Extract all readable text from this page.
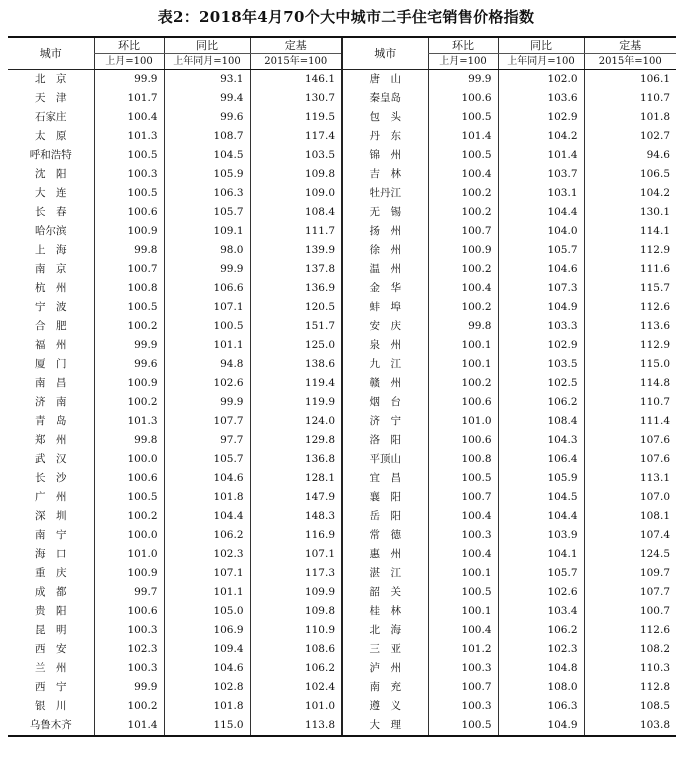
表2：2018年4月70个大中城市二手住宅销售价格指数
城市	环比	同比	定基	城市	环比	同比	定基
	上月=100	上年同月=100	2015年=100		上月=100	上年同月=100	2015年=100
北　京	99.9	93.1	146.1	唐　山	99.9	102.0	106.1
天　津	101.7	99.4	130.7	秦皇岛	100.6	103.6	110.7
石家庄	100.4	99.6	119.5	包　头	100.5	102.9	101.8
太　原	101.3	108.7	117.4	丹　东	101.4	104.2	102.7
呼和浩特	100.5	104.5	103.5	锦　州	100.5	101.4	94.6
沈　阳	100.3	105.9	109.8	吉　林	100.4	103.7	106.5
大　连	100.5	106.3	109.0	牡丹江	100.2	103.1	104.2
长　春	100.6	105.7	108.4	无　锡	100.2	104.4	130.1
哈尔滨	100.9	109.1	111.7	扬　州	100.7	104.0	114.1
上　海	99.8	98.0	139.9	徐　州	100.9	105.7	112.9
南　京	100.7	99.9	137.8	温　州	100.2	104.6	111.6
杭　州	100.8	106.6	136.9	金　华	100.4	107.3	115.7
宁　波	100.5	107.1	120.5	蚌　埠	100.2	104.9	112.6
合　肥	100.2	100.5	151.7	安　庆	99.8	103.3	113.6
福　州	99.9	101.1	125.0	泉　州	100.1	102.9	112.9
厦　门	99.6	94.8	138.6	九　江	100.1	103.5	115.0
南　昌	100.9	102.6	119.4	赣　州	100.2	102.5	114.8
济　南	100.2	99.9	119.9	烟　台	100.6	106.2	110.7
青　岛	101.3	107.7	124.0	济　宁	101.0	108.4	111.4
郑　州	99.8	97.7	129.8	洛　阳	100.6	104.3	107.6
武　汉	100.0	105.7	136.8	平顶山	100.8	106.4	107.6
长　沙	100.6	104.6	128.1	宜　昌	100.5	105.9	113.1
广　州	100.5	101.8	147.9	襄　阳	100.7	104.5	107.0
深　圳	100.2	104.4	148.3	岳　阳	100.4	104.4	108.1
南　宁	100.0	106.2	116.9	常　德	100.3	103.9	107.4
海　口	101.0	102.3	107.1	惠　州	100.4	104.1	124.5
重　庆	100.9	107.1	117.3	湛　江	100.1	105.7	109.7
成　都	99.7	101.1	109.9	韶　关	100.5	102.6	107.7
贵　阳	100.6	105.0	109.8	桂　林	100.1	103.4	100.7
昆　明	100.3	106.9	110.9	北　海	100.4	106.2	112.6
西　安	102.3	109.4	108.6	三　亚	101.2	102.3	108.2
兰　州	100.3	104.6	106.2	泸　州	100.3	104.8	110.3
西　宁	99.9	102.8	102.4	南　充	100.7	108.0	112.8
银　川	100.2	101.8	101.0	遵　义	100.3	106.3	108.5
乌鲁木齐	101.4	115.0	113.8	大　理	100.5	104.9	103.8
